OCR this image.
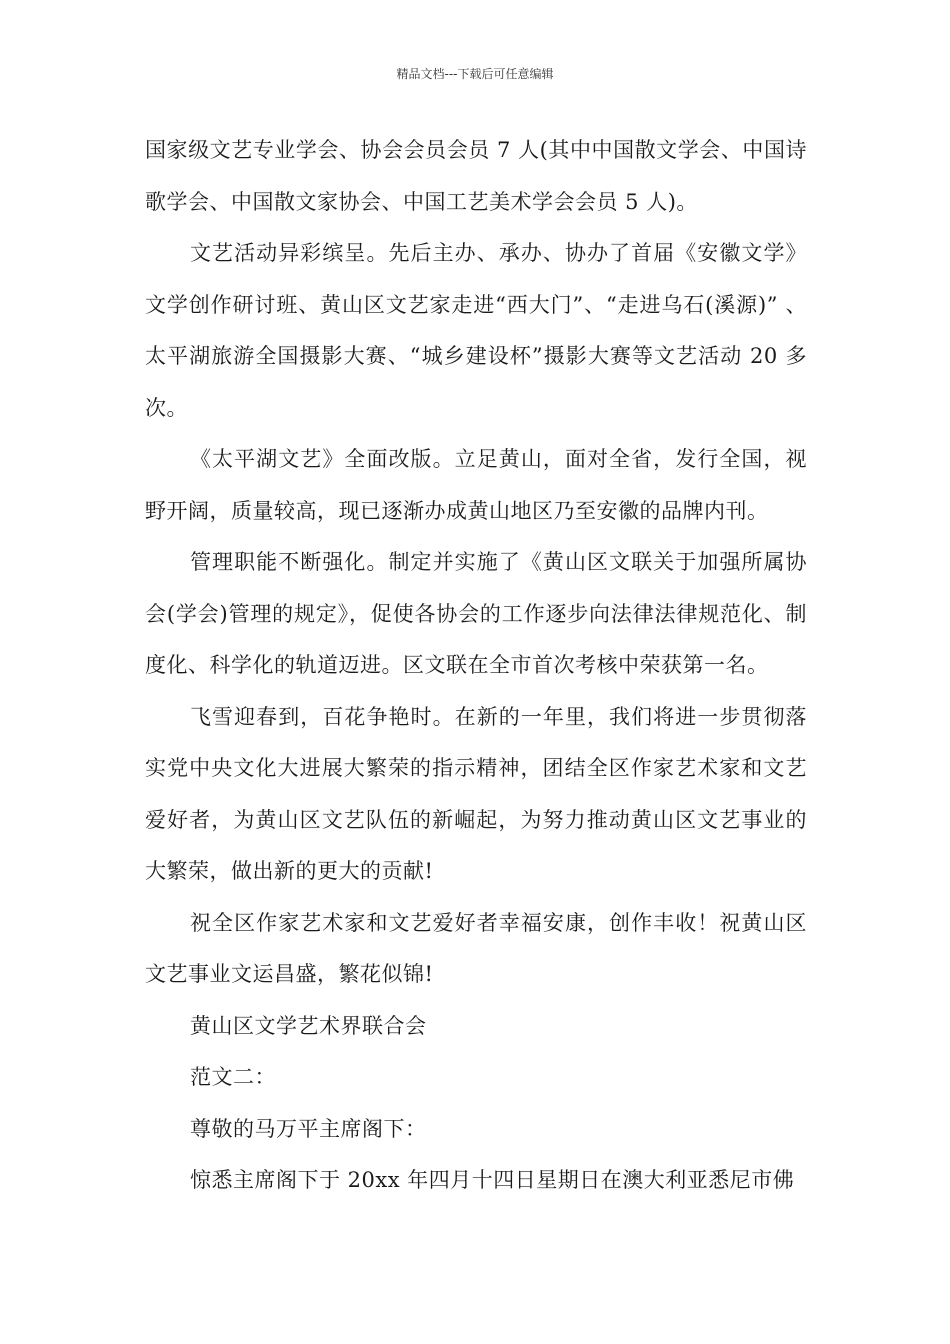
精品文档---下载后可任意编辑

国家级文艺专业学会、协会会员会员 7 人(其中中国散文学会、中国诗歌学会、中国散文家协会、中国工艺美术学会会员 5 人)。

文艺活动异彩缤呈。先后主办、承办、协办了首届《安徽文学》文学创作研讨班、黄山区文艺家走进“西大门”、“走进乌石(溪源)” 、太平湖旅游全国摄影大赛、“城乡建设杯”摄影大赛等文艺活动 20 多次。

《太平湖文艺》全面改版。立足黄山，面对全省，发行全国，视野开阔，质量较高，现已逐渐办成黄山地区乃至安徽的品牌内刊。

管理职能不断强化。制定并实施了《黄山区文联关于加强所属协会(学会)管理的规定》，促使各协会的工作逐步向法律法律规范化、制度化、科学化的轨道迈进。区文联在全市首次考核中荣获第一名。

飞雪迎春到，百花争艳时。在新的一年里，我们将进一步贯彻落实党中央文化大进展大繁荣的指示精神，团结全区作家艺术家和文艺爱好者，为黄山区文艺队伍的新崛起，为努力推动黄山区文艺事业的大繁荣，做出新的更大的贡献!

祝全区作家艺术家和文艺爱好者幸福安康，创作丰收！祝黄山区文艺事业文运昌盛，繁花似锦!

黄山区文学艺术界联合会

范文二：

尊敬的马万平主席阁下：

惊悉主席阁下于 20xx 年四月十四日星期日在澳大利亚悉尼市佛
